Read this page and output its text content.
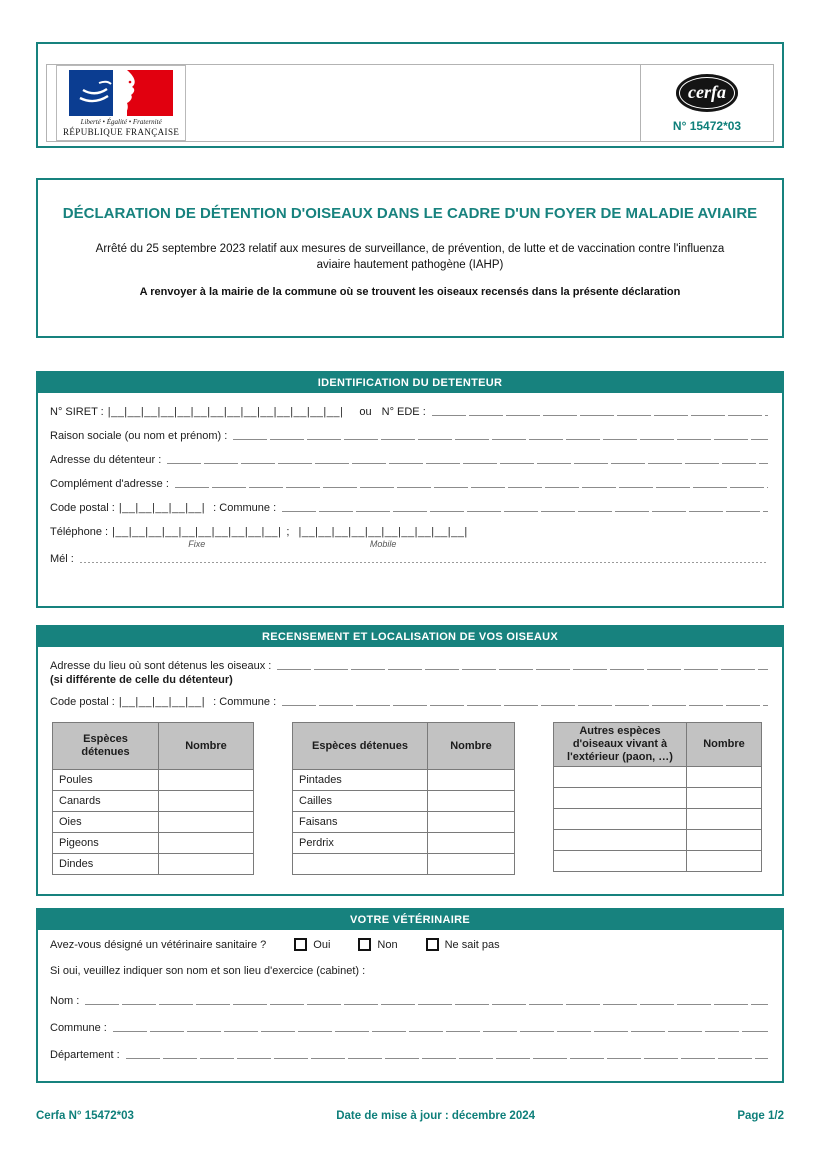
Liberté • Égalité • Fraternité
RÉPUBLIQUE FRANÇAISE
cerfa
N° 15472*03
DÉCLARATION DE DÉTENTION D'OISEAUX DANS LE CADRE D'UN FOYER DE MALADIE AVIAIRE
Arrêté du 25 septembre 2023 relatif aux mesures de surveillance, de prévention, de lutte et de vaccination contre l'influenza aviaire hautement pathogène (IAHP)
A renvoyer à la mairie de la commune où se trouvent les oiseaux recensés dans la présente déclaration
IDENTIFICATION DU DETENTEUR
N° SIRET : |__|__|__|__|__|__|__|__|__|__|__|__|__|__| ou N° EDE :
Raison sociale (ou nom et prénom) :
Adresse du détenteur :
Complément d'adresse :
Code postal : |__|__|__|__|__| : Commune :
Téléphone : |__|__|__|__|__|__|__|__|__|__|
Fixe
; |__|__|__|__|__|__|__|__|__|__|
Mobile
Mél :
RECENSEMENT ET LOCALISATION DE VOS OISEAUX
Adresse du lieu où sont détenus les oiseaux :
(si différente de celle du détenteur)
Code postal : |__|__|__|__|__| : Commune :
Espèces détenues	Nombre
Poules	
Canards	
Oies	
Pigeons	
Dindes	
Espèces détenues	Nombre
Pintades	
Cailles	
Faisans	
Perdrix	

Autres espèces d'oiseaux vivant à l'extérieur (paon, …)	Nombre

VOTRE VÉTÉRINAIRE
Avez-vous désigné un vétérinaire sanitaire ?	Oui	Non	Ne sait pas
Si oui, veuillez indiquer son nom et son lieu d'exercice (cabinet) :
Nom :
Commune :
Département :
Cerfa N° 15472*03	Date de mise à jour : décembre 2024	Page 1/2
